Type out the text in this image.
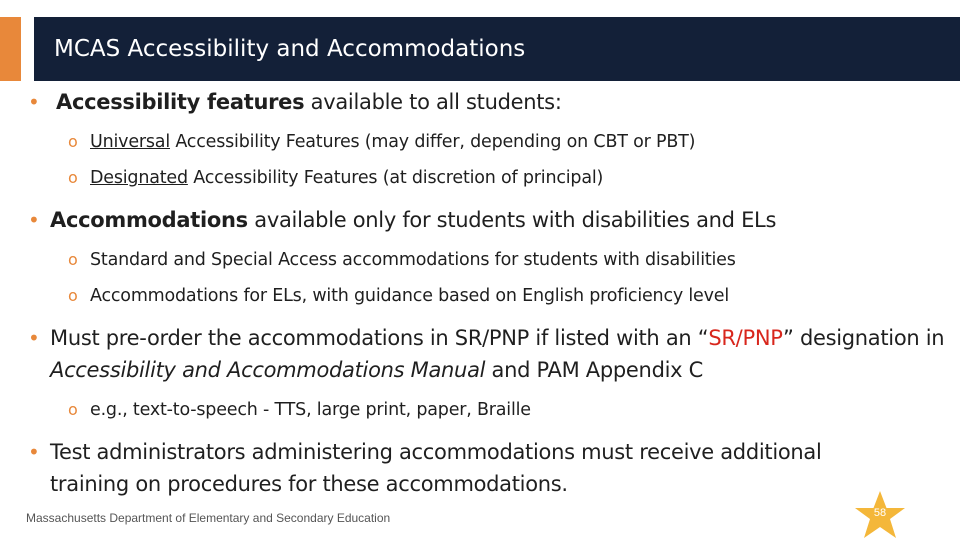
MCAS Accessibility and Accommodations
• Accessibility features available to all students:
o Universal Accessibility Features (may differ, depending on CBT or PBT)
o Designated Accessibility Features (at discretion of principal)
• Accommodations available only for students with disabilities and ELs
o Standard and Special Access accommodations for students with disabilities
o Accommodations for ELs, with guidance based on English proficiency level
• Must pre-order the accommodations in SR/PNP if listed with an “SR/PNP” designation in Accessibility and Accommodations Manual and PAM Appendix C
o e.g., text-to-speech - TTS, large print, paper, Braille
• Test administrators administering accommodations must receive additional training on procedures for these accommodations.
Massachusetts Department of Elementary and Secondary Education	58
